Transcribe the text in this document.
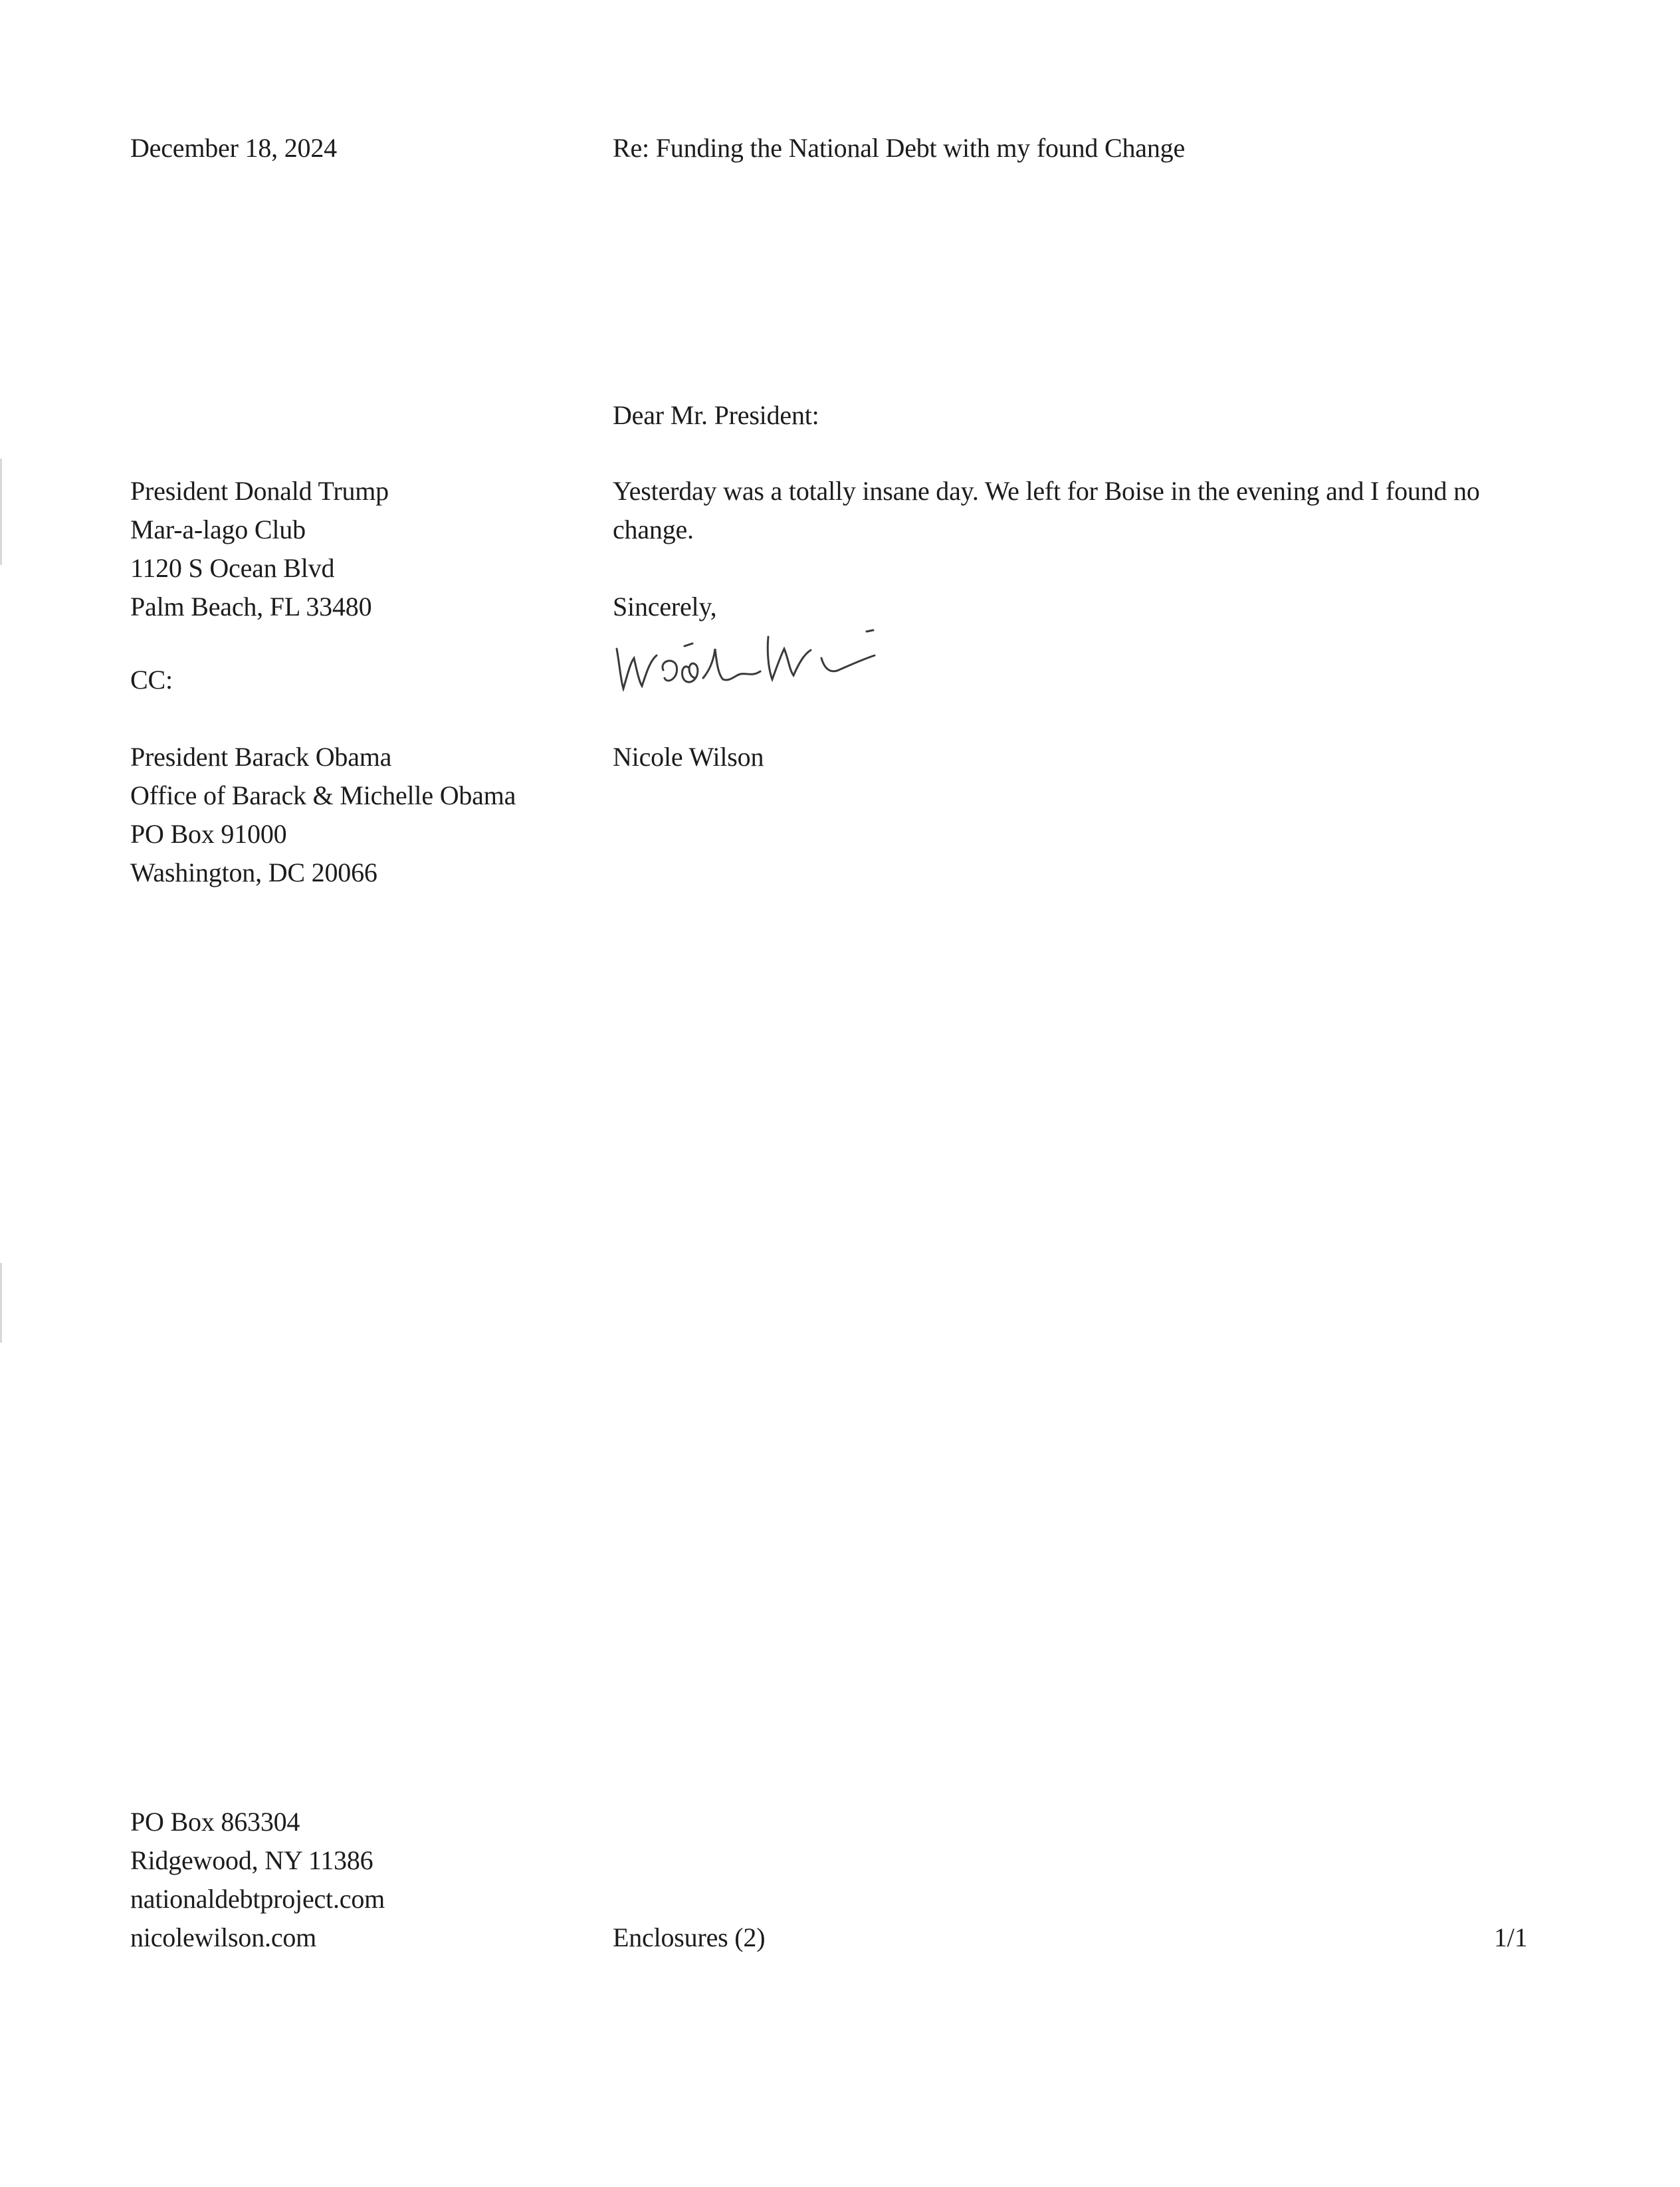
December 18, 2024	Re: Funding the National Debt with my found Change
Dear Mr. President:
President Donald Trump
Mar-a-lago Club
1120 S Ocean Blvd
Palm Beach, FL 33480
Yesterday was a totally insane day. We left for Boise in the evening and I found no change.
Sincerely,
CC:
Nicole Wilson
President Barack Obama
Office of Barack & Michelle Obama
PO Box 91000
Washington, DC 20066
PO Box 863304
Ridgewood, NY 11386
nationaldebtproject.com
nicolewilson.com	Enclosures (2)	1/1
